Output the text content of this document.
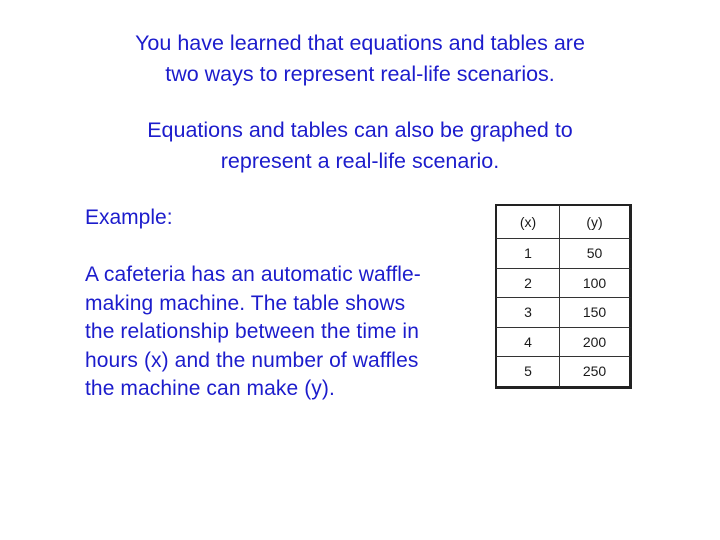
You have learned that equations and tables are
two ways to represent real-life scenarios.
Equations and tables can also be graphed to
represent a real-life scenario.
Example:
A cafeteria has an automatic waffle-making machine. The table shows the relationship between the time in hours (x) and the number of waffles the machine can make (y).
(x)	(y)
1	50
2	100
3	150
4	200
5	250
